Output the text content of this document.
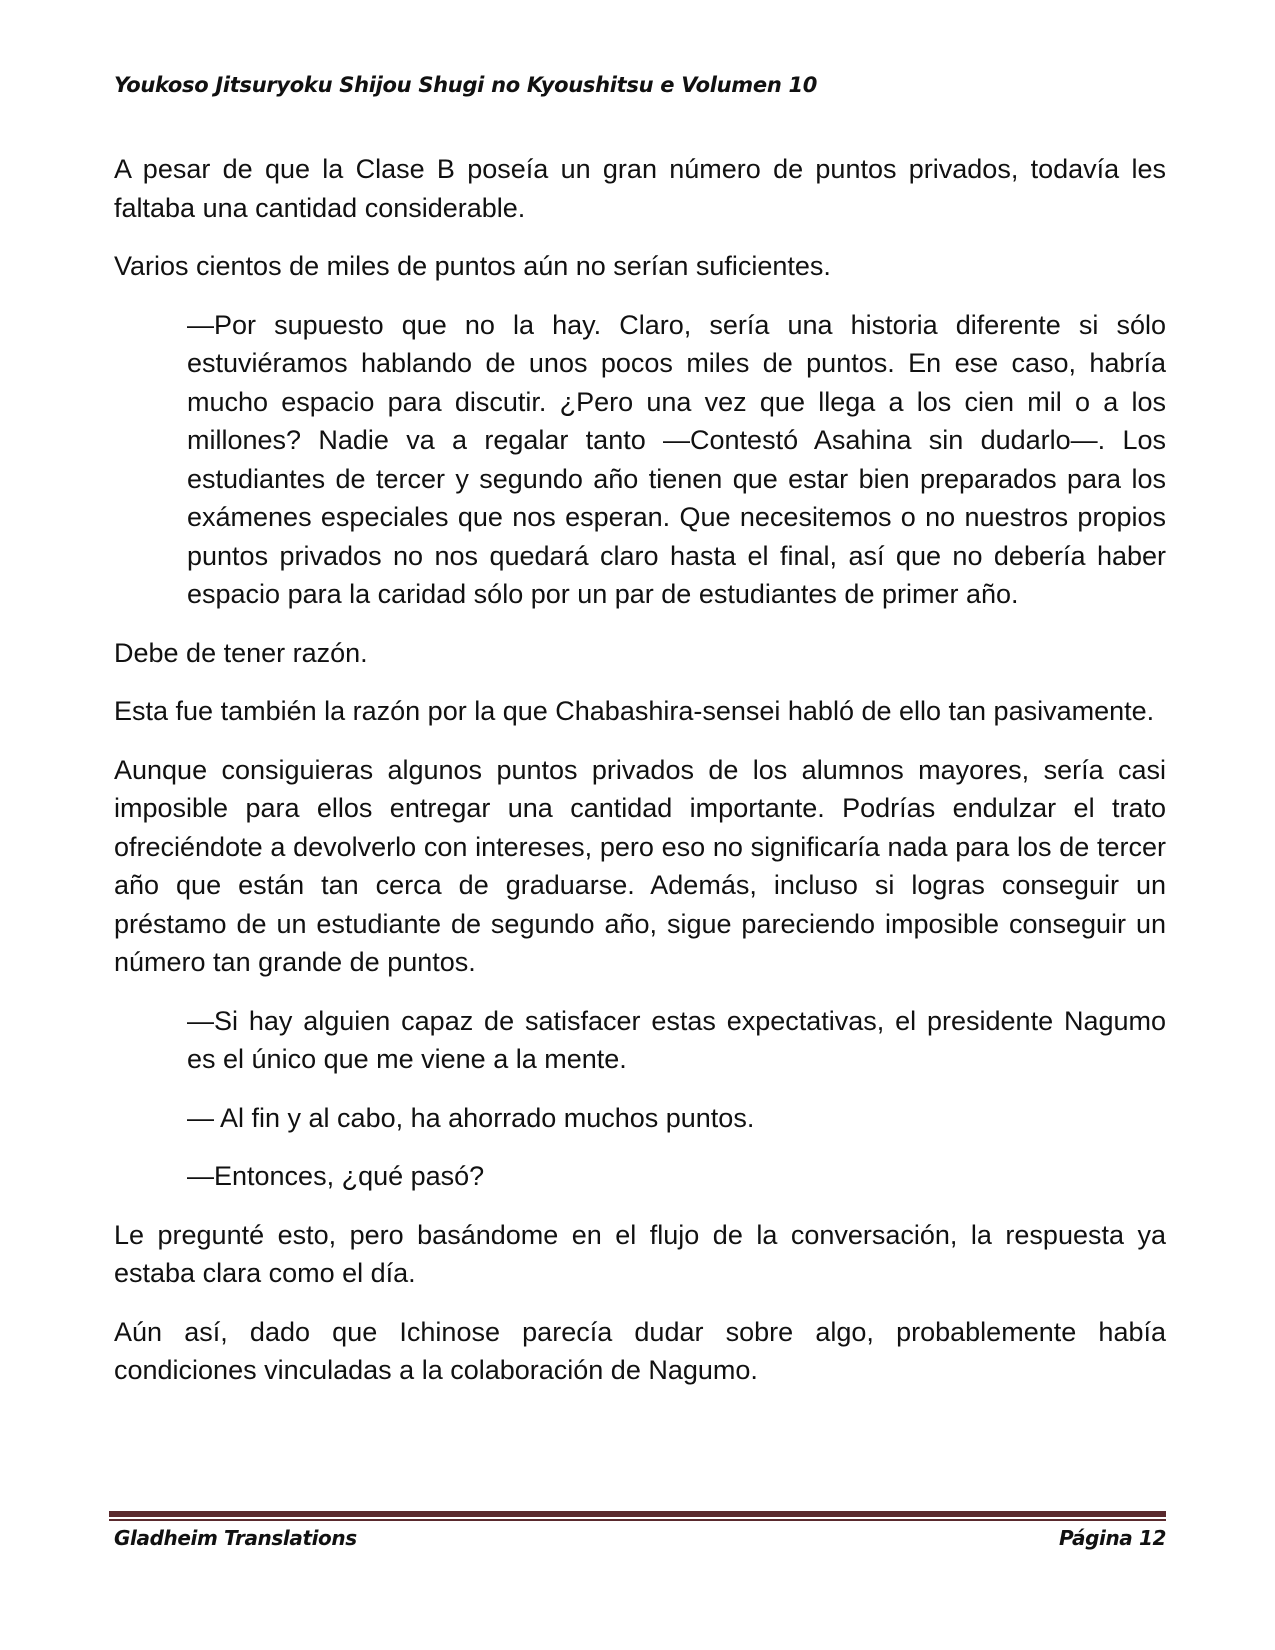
Youkoso Jitsuryoku Shijou Shugi no Kyoushitsu e Volumen 10

A pesar de que la Clase B poseía un gran número de puntos privados, todavía les faltaba una cantidad considerable.

Varios cientos de miles de puntos aún no serían suficientes.

—Por supuesto que no la hay. Claro, sería una historia diferente si sólo estuviéramos hablando de unos pocos miles de puntos. En ese caso, habría mucho espacio para discutir. ¿Pero una vez que llega a los cien mil o a los millones? Nadie va a regalar tanto —Contestó Asahina sin dudarlo—. Los estudiantes de tercer y segundo año tienen que estar bien preparados para los exámenes especiales que nos esperan. Que necesitemos o no nuestros propios puntos privados no nos quedará claro hasta el final, así que no debería haber espacio para la caridad sólo por un par de estudiantes de primer año.

Debe de tener razón.

Esta fue también la razón por la que Chabashira-sensei habló de ello tan pasivamente.

Aunque consiguieras algunos puntos privados de los alumnos mayores, sería casi imposible para ellos entregar una cantidad importante. Podrías endulzar el trato ofreciéndote a devolverlo con intereses, pero eso no significaría nada para los de tercer año que están tan cerca de graduarse. Además, incluso si logras conseguir un préstamo de un estudiante de segundo año, sigue pareciendo imposible conseguir un número tan grande de puntos.

—Si hay alguien capaz de satisfacer estas expectativas, el presidente Nagumo es el único que me viene a la mente.

— Al fin y al cabo, ha ahorrado muchos puntos.

—Entonces, ¿qué pasó?

Le pregunté esto, pero basándome en el flujo de la conversación, la respuesta ya estaba clara como el día.

Aún así, dado que Ichinose parecía dudar sobre algo, probablemente había condiciones vinculadas a la colaboración de Nagumo.

Gladheim Translations	Página 12
